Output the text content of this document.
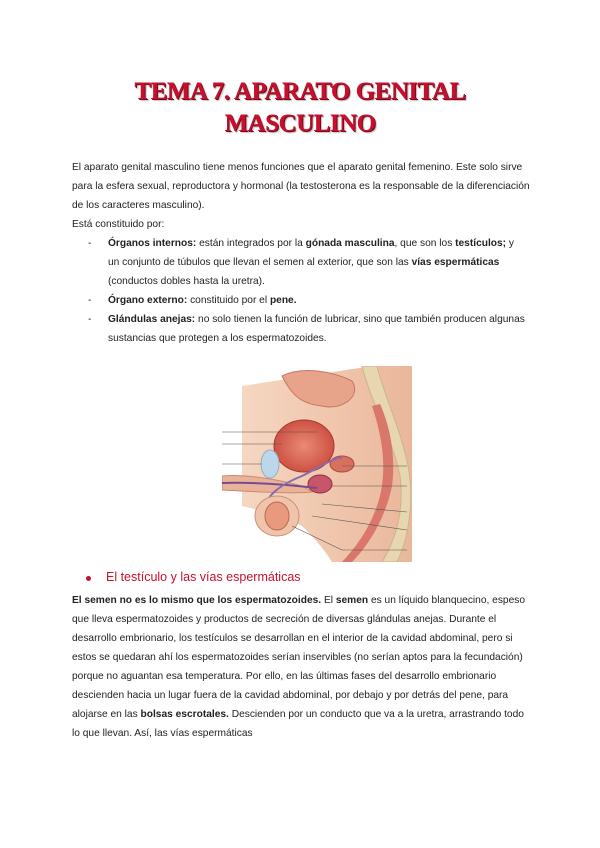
TEMA 7. APARATO GENITAL
MASCULINO

El aparato genital masculino tiene menos funciones que el aparato genital femenino. Este solo sirve para la esfera sexual, reproductora y hormonal (la testosterona es la responsable de la diferenciación de los caracteres masculino).

Está constituido por:

- Órganos internos: están integrados por la gónada masculina, que son los testículos; y un conjunto de túbulos que llevan el semen al exterior, que son las vías espermáticas (conductos dobles hasta la uretra).
- Órgano externo: constituido por el pene.
- Glándulas anejas: no solo tienen la función de lubricar, sino que también producen algunas sustancias que protegen a los espermatozoides.
El testículo y las vías espermáticas

El semen no es lo mismo que los espermatozoides. El semen es un líquido blanquecino, espeso que lleva espermatozoides y productos de secreción de diversas glándulas anejas. Durante el desarrollo embrionario, los testículos se desarrollan en el interior de la cavidad abdominal, pero si estos se quedaran ahí los espermatozoides serían inservibles (no serían aptos para la fecundación) porque no aguantan esa temperatura. Por ello, en las últimas fases del desarrollo embrionario descienden hacia un lugar fuera de la cavidad abdominal, por debajo y por detrás del pene, para alojarse en las bolsas escrotales. Descienden por un conducto que va a la uretra, arrastrando todo lo que llevan. Así, las vías espermáticas
